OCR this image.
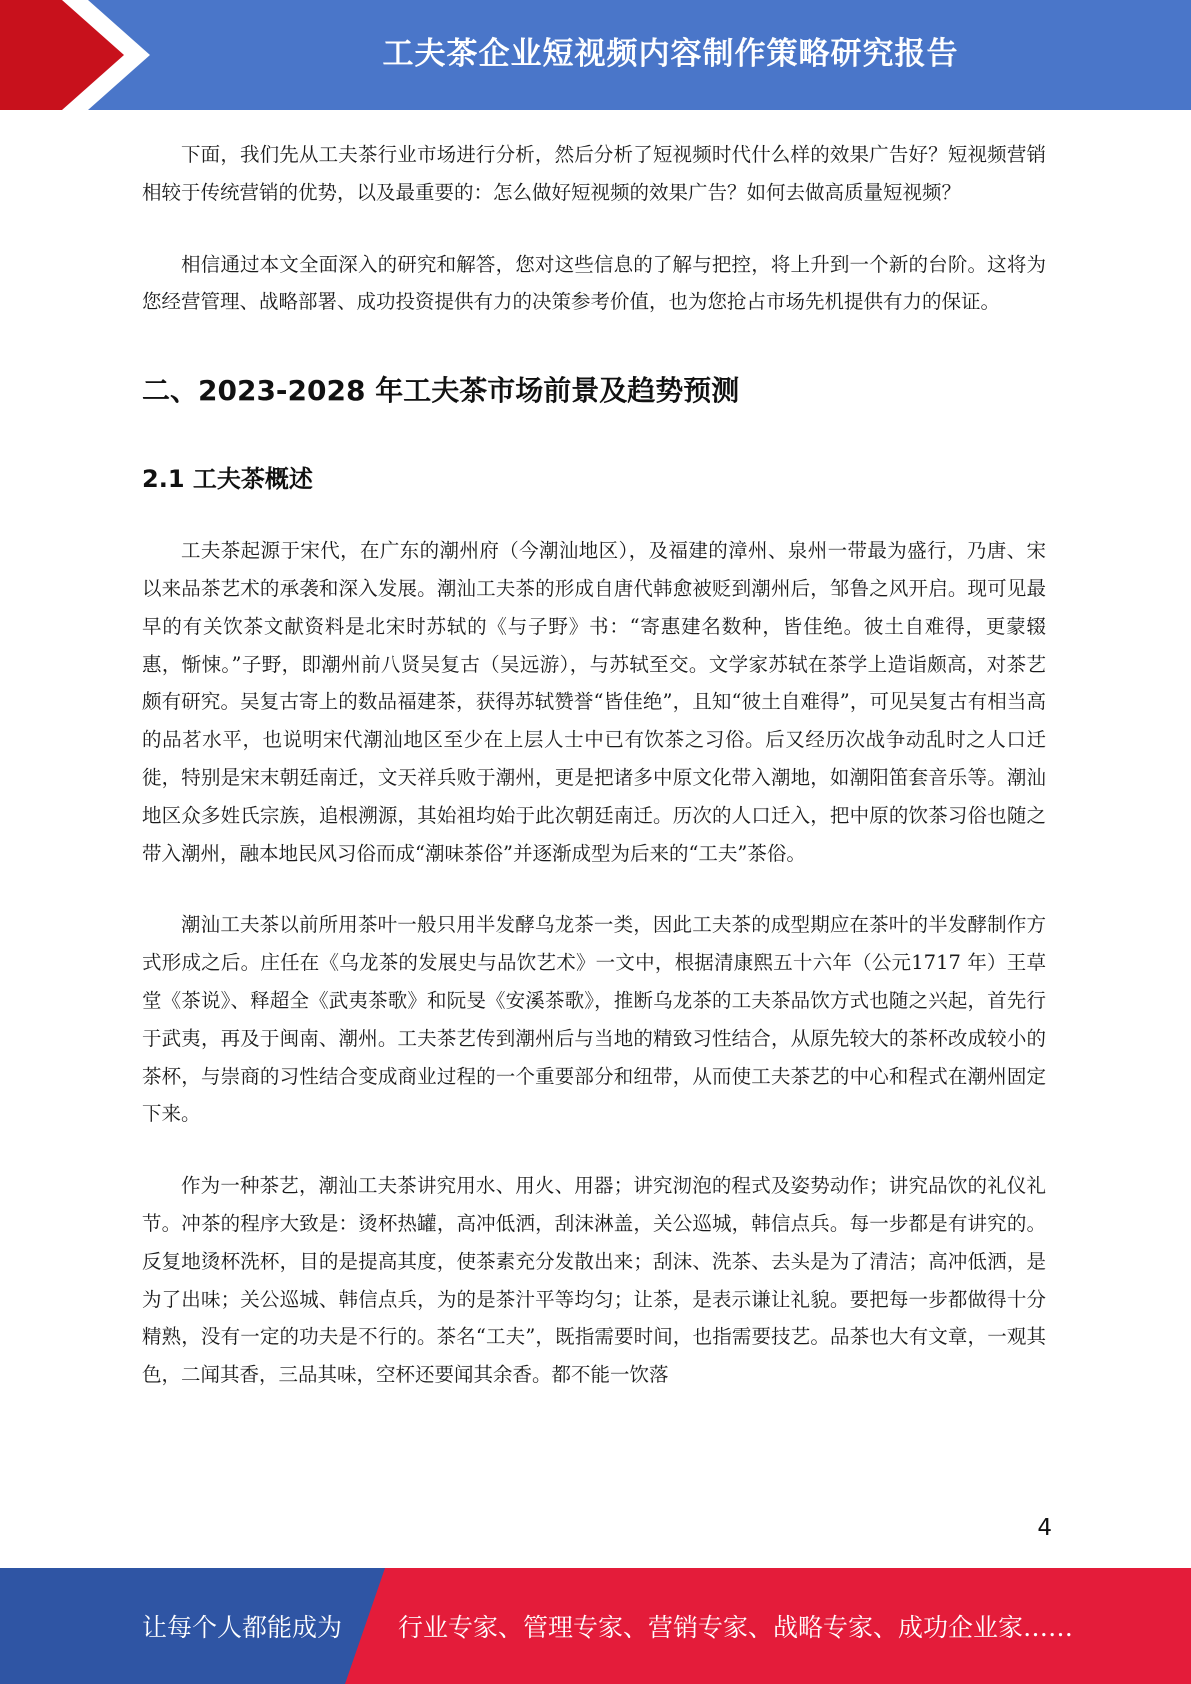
工夫茶企业短视频内容制作策略研究报告

下面，我们先从工夫茶行业市场进行分析，然后分析了短视频时代什么样的效果广告好？短视频营销相较于传统营销的优势，以及最重要的：怎么做好短视频的效果广告？如何去做高质量短视频？

相信通过本文全面深入的研究和解答，您对这些信息的了解与把控，将上升到一个新的台阶。这将为您经营管理、战略部署、成功投资提供有力的决策参考价值，也为您抢占市场先机提供有力的保证。

二、2023-2028 年工夫茶市场前景及趋势预测
2.1 工夫茶概述

工夫茶起源于宋代，在广东的潮州府（今潮汕地区），及福建的漳州、泉州一带最为盛行，乃唐、宋以来品茶艺术的承袭和深入发展。潮汕工夫茶的形成自唐代韩愈被贬到潮州后，邹鲁之风开启。现可见最早的有关饮茶文献资料是北宋时苏轼的《与子野》书：“寄惠建名数种，皆佳绝。彼土自难得，更蒙辍惠，惭悚。”子野，即潮州前八贤吴复古（吴远游），与苏轼至交。文学家苏轼在茶学上造诣颇高，对茶艺颇有研究。吴复古寄上的数品福建茶，获得苏轼赞誉“皆佳绝”，且知“彼土自难得”，可见吴复古有相当高的品茗水平，也说明宋代潮汕地区至少在上层人士中已有饮茶之习俗。后又经历次战争动乱时之人口迁徙，特别是宋末朝廷南迁，文天祥兵败于潮州，更是把诸多中原文化带入潮地，如潮阳笛套音乐等。潮汕地区众多姓氏宗族，追根溯源，其始祖均始于此次朝廷南迁。历次的人口迁入，把中原的饮茶习俗也随之带入潮州，融本地民风习俗而成“潮味茶俗”并逐渐成型为后来的“工夫”茶俗。

潮汕工夫茶以前所用茶叶一般只用半发酵乌龙茶一类，因此工夫茶的成型期应在茶叶的半发酵制作方式形成之后。庄任在《乌龙茶的发展史与品饮艺术》一文中，根据清康熙五十六年（公元1717 年）王草堂《茶说》、释超全《武夷茶歌》和阮旻《安溪茶歌》，推断乌龙茶的工夫茶品饮方式也随之兴起，首先行于武夷，再及于闽南、潮州。工夫茶艺传到潮州后与当地的精致习性结合，从原先较大的茶杯改成较小的茶杯，与崇商的习性结合变成商业过程的一个重要部分和纽带，从而使工夫茶艺的中心和程式在潮州固定下来。

作为一种茶艺，潮汕工夫茶讲究用水、用火、用器；讲究沏泡的程式及姿势动作；讲究品饮的礼仪礼节。冲茶的程序大致是：烫杯热罐，高冲低洒，刮沫淋盖，关公巡城，韩信点兵。每一步都是有讲究的。反复地烫杯洗杯，目的是提高其度，使茶素充分发散出来；刮沫、洗茶、去头是为了清洁；高冲低洒，是为了出味；关公巡城、韩信点兵，为的是茶汁平等均匀；让茶，是表示谦让礼貌。要把每一步都做得十分精熟，没有一定的功夫是不行的。茶名“工夫”，既指需要时间，也指需要技艺。品茶也大有文章，一观其色，二闻其香，三品其味，空杯还要闻其余香。都不能一饮落

4
让每个人都能成为 行业专家、管理专家、营销专家、战略专家、成功企业家……
